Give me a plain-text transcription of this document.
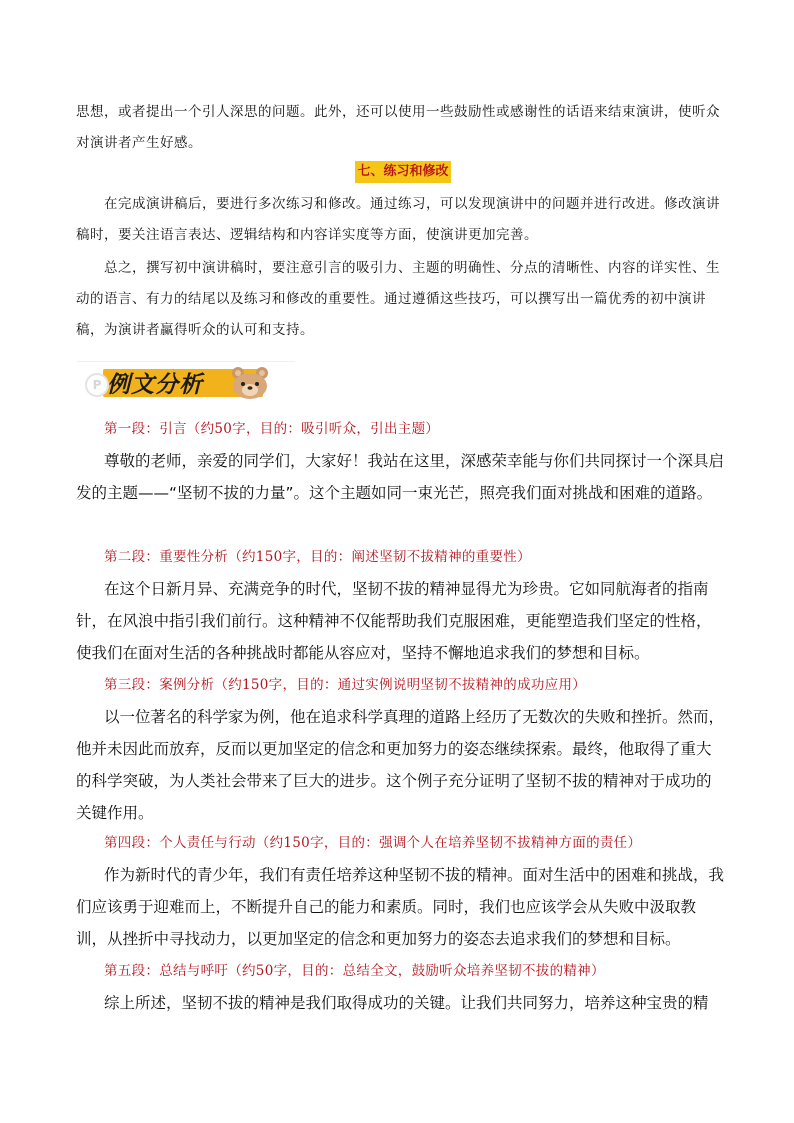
思想，或者提出一个引人深思的问题。此外，还可以使用一些鼓励性或感谢性的话语来结束演讲，使听众对演讲者产生好感。

七、练习和修改

在完成演讲稿后，要进行多次练习和修改。通过练习，可以发现演讲中的问题并进行改进。修改演讲稿时，要关注语言表达、逻辑结构和内容详实度等方面，使演讲更加完善。

总之，撰写初中演讲稿时，要注意引言的吸引力、主题的明确性、分点的清晰性、内容的详实性、生动的语言、有力的结尾以及练习和修改的重要性。通过遵循这些技巧，可以撰写出一篇优秀的初中演讲稿，为演讲者赢得听众的认可和支持。

P 例文分析

第一段：引言（约50字，目的：吸引听众，引出主题）

尊敬的老师，亲爱的同学们，大家好！我站在这里，深感荣幸能与你们共同探讨一个深具启发的主题——“坚韧不拔的力量”。这个主题如同一束光芒，照亮我们面对挑战和困难的道路。

第二段：重要性分析（约150字，目的：阐述坚韧不拔精神的重要性）

在这个日新月异、充满竞争的时代，坚韧不拔的精神显得尤为珍贵。它如同航海者的指南针，在风浪中指引我们前行。这种精神不仅能帮助我们克服困难，更能塑造我们坚定的性格，使我们在面对生活的各种挑战时都能从容应对，坚持不懈地追求我们的梦想和目标。

第三段：案例分析（约150字，目的：通过实例说明坚韧不拔精神的成功应用）

以一位著名的科学家为例，他在追求科学真理的道路上经历了无数次的失败和挫折。然而，他并未因此而放弃，反而以更加坚定的信念和更加努力的姿态继续探索。最终，他取得了重大的科学突破，为人类社会带来了巨大的进步。这个例子充分证明了坚韧不拔的精神对于成功的关键作用。

第四段：个人责任与行动（约150字，目的：强调个人在培养坚韧不拔精神方面的责任）

作为新时代的青少年，我们有责任培养这种坚韧不拔的精神。面对生活中的困难和挑战，我们应该勇于迎难而上，不断提升自己的能力和素质。同时，我们也应该学会从失败中汲取教训，从挫折中寻找动力，以更加坚定的信念和更加努力的姿态去追求我们的梦想和目标。

第五段：总结与呼吁（约50字，目的：总结全文，鼓励听众培养坚韧不拔的精神）

综上所述，坚韧不拔的精神是我们取得成功的关键。让我们共同努力，培养这种宝贵的精
